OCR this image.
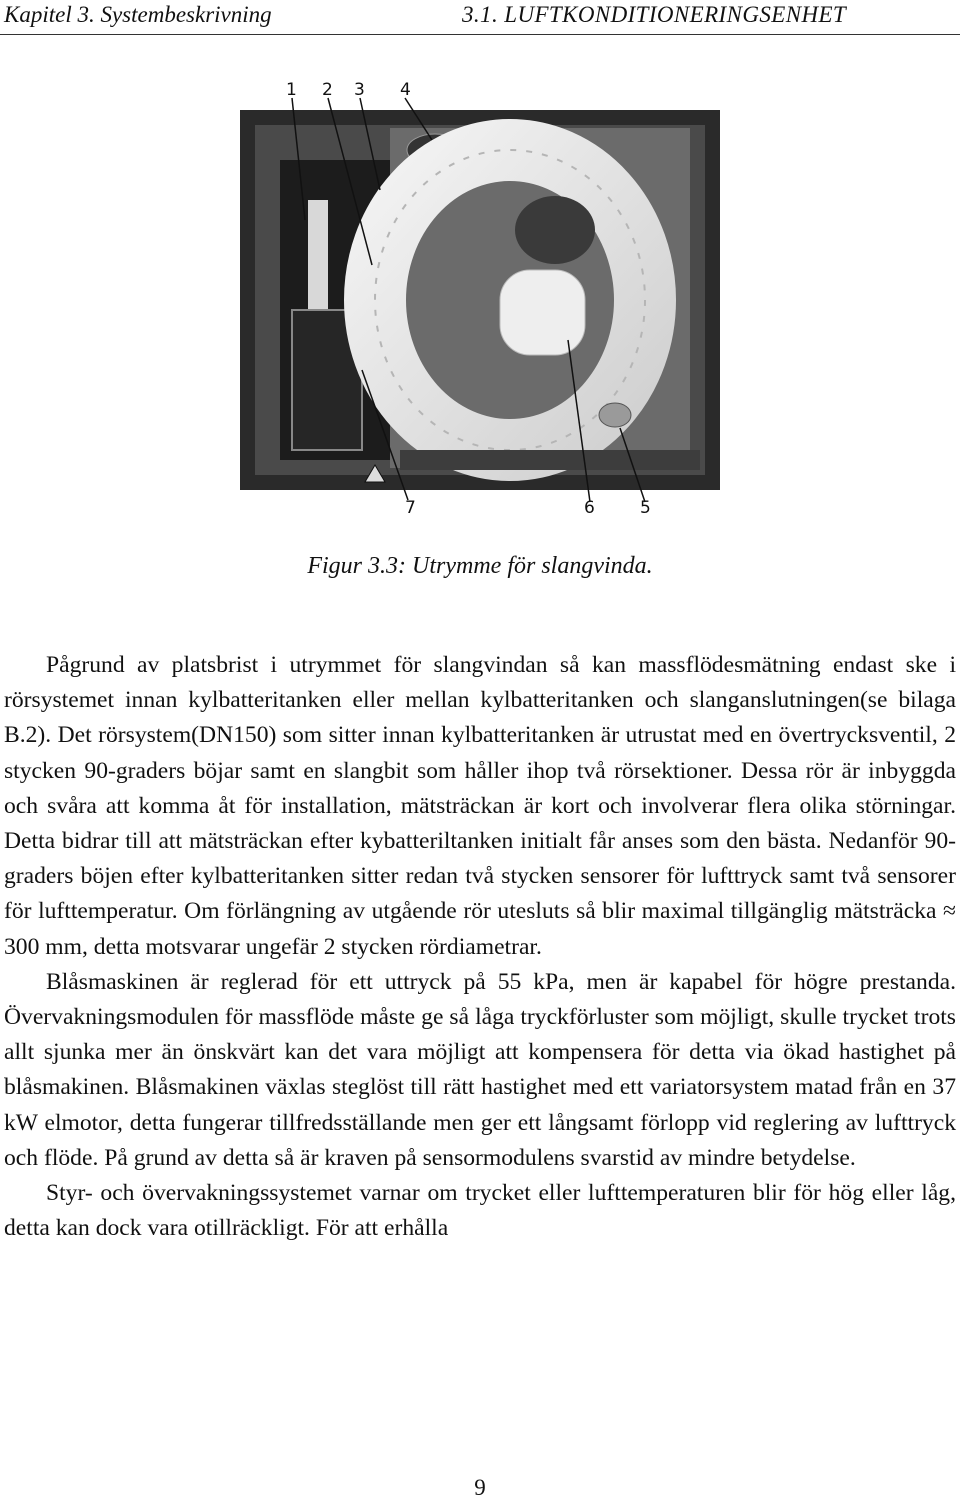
Kapitel 3. Systembeskrivning	3.1. LUFTKONDITIONERINGSENHET
1 2 3 4
7	6	5
Figur 3.3: Utrymme för slangvinda.

Pågrund av platsbrist i utrymmet för slangvindan så kan massflödesmätning endast ske i rörsystemet innan kylbatteritanken eller mellan kylbatteritanken och slanganslutningen(se bilaga B.2). Det rörsystem(DN150) som sitter innan kylbatteritanken är utrustat med en övertrycksventil, 2 stycken 90-graders böjar samt en slangbit som håller ihop två rörsektioner. Dessa rör är inbyggda och svåra att komma åt för installation, mätsträckan är kort och involverar flera olika störningar. Detta bidrar till att mätsträckan efter kybatteriltanken initialt får anses som den bästa. Nedanför 90-graders böjen efter kylbatteritanken sitter redan två stycken sensorer för lufttryck samt två sensorer för lufttemperatur. Om förlängning av utgående rör utesluts så blir maximal tillgänglig mätsträcka ≈ 300 mm, detta motsvarar ungefär 2 stycken rördiametrar.

Blåsmaskinen är reglerad för ett uttryck på 55 kPa, men är kapabel för högre prestanda. Övervakningsmodulen för massflöde måste ge så låga tryckförluster som möjligt, skulle trycket trots allt sjunka mer än önskvärt kan det vara möjligt att kompensera för detta via ökad hastighet på blåsmakinen. Blåsmakinen växlas steglöst till rätt hastighet med ett variatorsystem matad från en 37 kW elmotor, detta fungerar tillfredsställande men ger ett långsamt förlopp vid reglering av lufttryck och flöde. På grund av detta så är kraven på sensormodulens svarstid av mindre betydelse.

Styr- och övervakningssystemet varnar om trycket eller lufttemperaturen blir för hög eller låg, detta kan dock vara otillräckligt. För att erhålla

9
